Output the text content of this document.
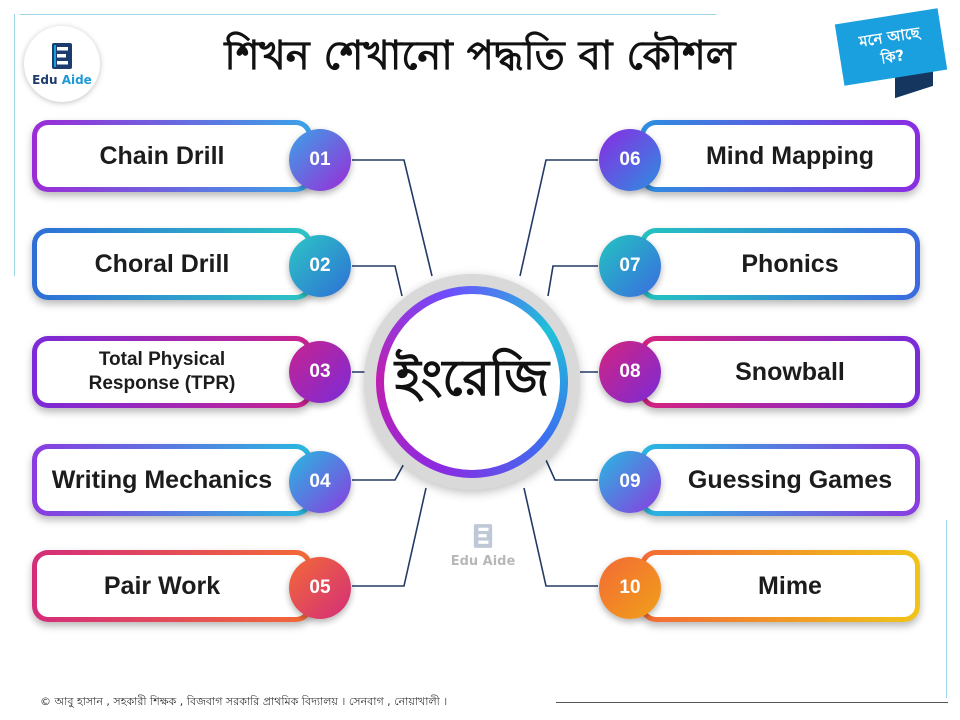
Edu Aide
শিখন শেখানো পদ্ধতি বা কৌশল	মনে আছে
কি?
Chain Drill	01
Choral Drill	02
Total Physical
Response (TPR)
03
Writing Mechanics	04
Pair Work	05
Mind Mapping
06
Phonics
07
Snowball
08
Guessing Games
09
Mime
10
ইংরেজি
Edu Aide
© আবু হাসান , সহকারী শিক্ষক , বিজবাগ সরকারি প্রাথমিক বিদ্যালয় । সেনবাগ , নোয়াখালী ।
